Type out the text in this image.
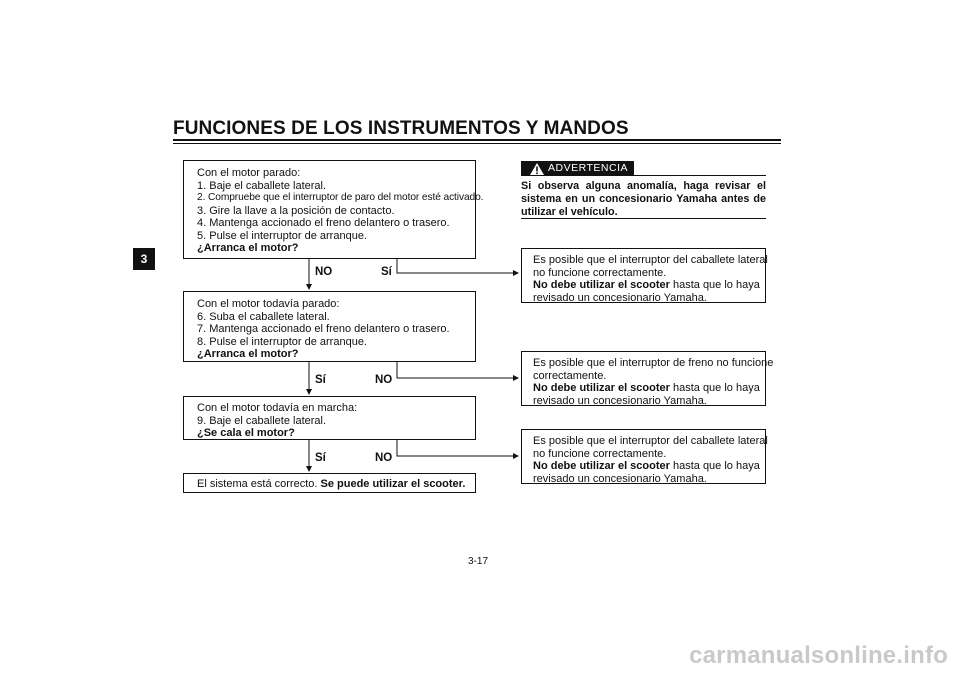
FUNCIONES DE LOS INSTRUMENTOS Y MANDOS
3
Con el motor parado:
1. Baje el caballete lateral.
2. Compruebe que el interruptor de paro del motor esté activado.
3. Gire la llave a la posición de contacto.
4. Mantenga accionado el freno delantero o trasero.
5. Pulse el interruptor de arranque.
¿Arranca el motor?
NO	Sí
Con el motor todavía parado:
6. Suba el caballete lateral.
7. Mantenga accionado el freno delantero o trasero.
8. Pulse el interruptor de arranque.
¿Arranca el motor?
Sí	NO
Con el motor todavía en marcha:
9. Baje el caballete lateral.
¿Se cala el motor?
Sí	NO
El sistema está correcto. Se puede utilizar el scooter.
ADVERTENCIA
Si observa alguna anomalía, haga revisar el sistema en un concesionario Yamaha antes de utilizar el vehículo.
Es posible que el interruptor del caballete lateral
no funcione correctamente.
No debe utilizar el scooter hasta que lo haya
revisado un concesionario Yamaha.
Es posible que el interruptor de freno no funcione
correctamente.
No debe utilizar el scooter hasta que lo haya
revisado un concesionario Yamaha.
Es posible que el interruptor del caballete lateral
no funcione correctamente.
No debe utilizar el scooter hasta que lo haya
revisado un concesionario Yamaha.
3-17
carmanualsonline.info
